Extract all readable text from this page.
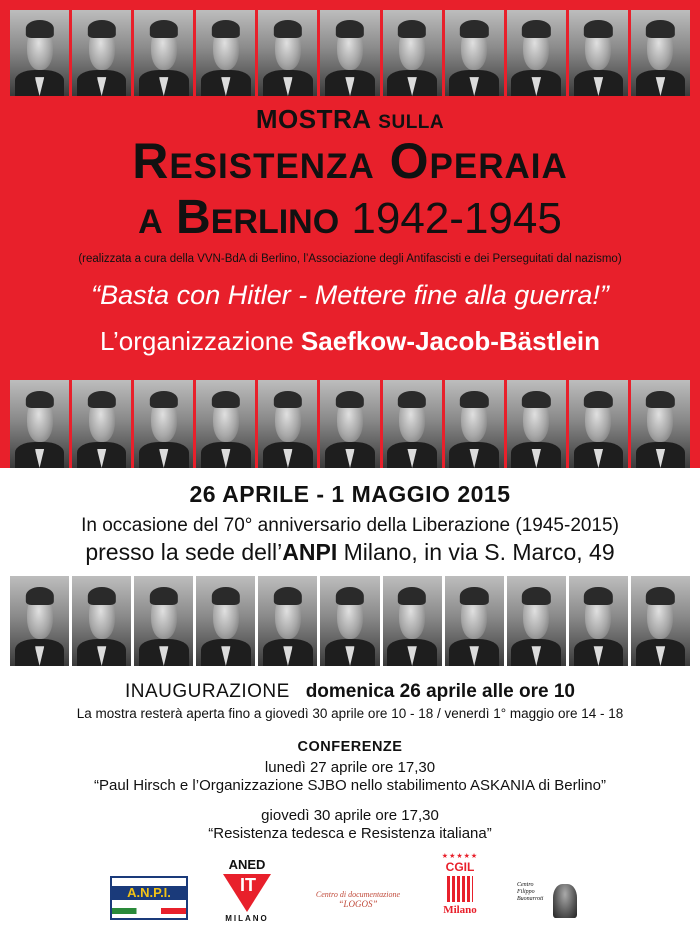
MOSTRA SULLA
Resistenza Operaia
a Berlino 1942-1945
(realizzata a cura della VVN-BdA di Berlino, l’Associazione degli Antifascisti e dei Perseguitati dal nazismo)
“Basta con Hitler - Mettere fine alla guerra!”
L’organizzazione Saefkow-Jacob-Bästlein
26 APRILE - 1 MAGGIO 2015
In occasione del 70° anniversario della Liberazione (1945-2015)
presso la sede dell’ANPI Milano, in via S. Marco, 49
INAUGURAZIONE domenica 26 aprile alle ore 10
La mostra resterà aperta fino a giovedì 30 aprile ore 10 - 18 / venerdì 1° maggio ore 14 - 18
CONFERENZE
lunedì 27 aprile ore 17,30
“Paul Hirsch e l’Organizzazione SJBO nello stabilimento ASKANIA di Berlino”
giovedì 30 aprile ore 17,30
“Resistenza tedesca e Resistenza italiana”
A.N.P.I.
ANED
MILANO
IT	Centro di documentazione
“LOGOS”
★★★★★
CGIL
Milano
Centro
Filippo
Buonarroti
